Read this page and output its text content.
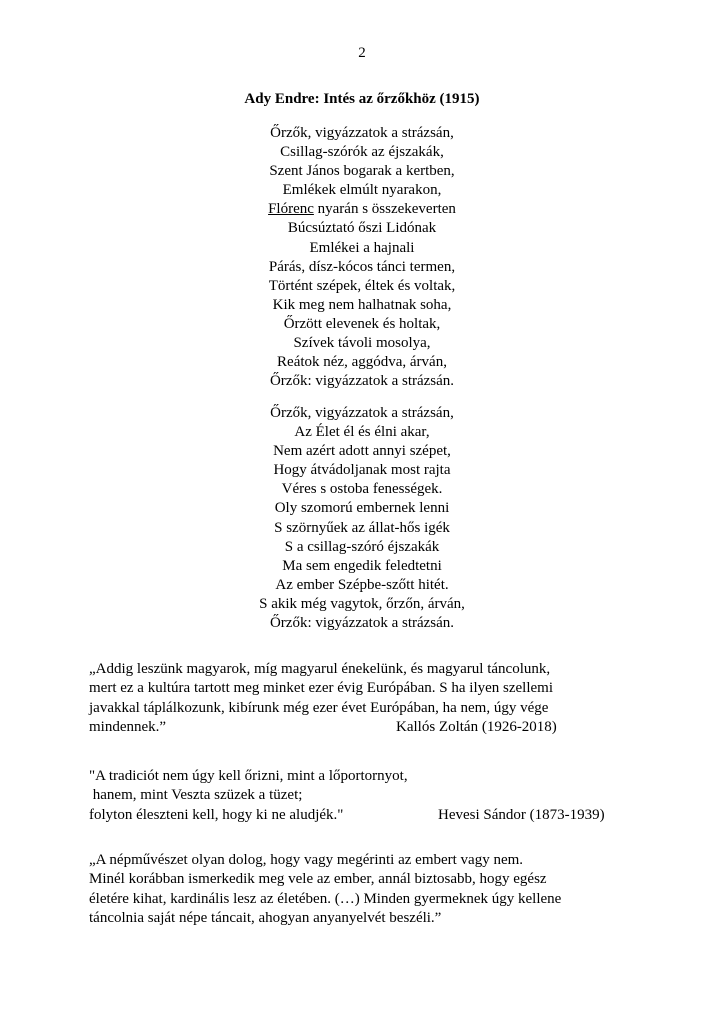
2
Ady Endre: Intés az őrzőkhöz (1915)
Őrzők, vigyázzatok a strázsán,
Csillag-szórók az éjszakák,
Szent János bogarak a kertben,
Emlékek elmúlt nyarakon,
Flórenc nyarán s összekeverten
Búcsúztató őszi Lidónak
Emlékei a hajnali
Párás, dísz-kócos tánci termen,
Történt szépek, éltek és voltak,
Kik meg nem halhatnak soha,
Őrzött elevenek és holtak,
Szívek távoli mosolya,
Reátok néz, aggódva, árván,
Őrzők: vigyázzatok a strázsán.
Őrzők, vigyázzatok a strázsán,
Az Élet él és élni akar,
Nem azért adott annyi szépet,
Hogy átvádoljanak most rajta
Véres s ostoba fenességek.
Oly szomorú embernek lenni
S szörnyűek az állat-hős igék
S a csillag-szóró éjszakák
Ma sem engedik feledtetni
Az ember Szépbe-szőtt hitét.
S akik még vagytok, őrzőn, árván,
Őrzők: vigyázzatok a strázsán.
„Addig leszünk magyarok, míg magyarul énekelünk, és magyarul táncolunk,
mert ez a kultúra tartott meg minket ezer évig Európában. S ha ilyen szellemi
javakkal táplálkozunk, kibírunk még ezer évet Európában, ha nem, úgy vége
mindennek.”	Kallós Zoltán (1926-2018)
"A tradiciót nem úgy kell őrizni, mint a lőportornyot,
hanem, mint Veszta szüzek a tüzet;
folyton éleszteni kell, hogy ki ne aludjék."	Hevesi Sándor (1873-1939)
„A népművészet olyan dolog, hogy vagy megérinti az embert vagy nem.
Minél korábban ismerkedik meg vele az ember, annál biztosabb, hogy egész
életére kihat, kardinális lesz az életében. (…) Minden gyermeknek úgy kellene
táncolnia saját népe táncait, ahogyan anyanyelvét beszéli.”
